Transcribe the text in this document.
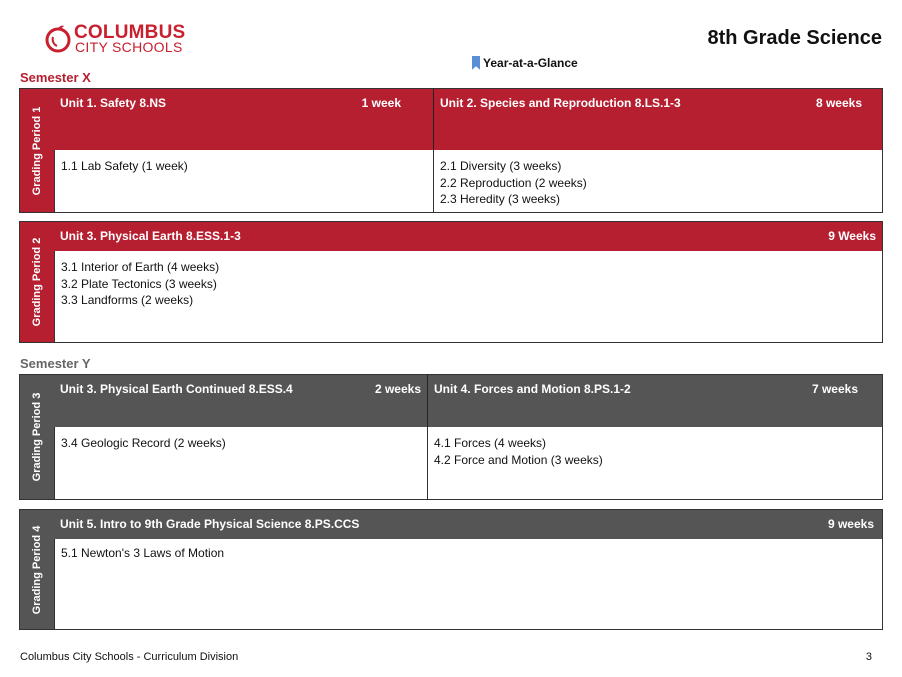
COLUMBUS
CITY SCHOOLS	8th Grade Science
Year-at-a-Glance
Semester X
Grading Period 1
Unit 1. Safety 8.NS	1 week	Unit 2. Species and Reproduction 8.LS.1-3	8 weeks
1.1 Lab Safety (1 week)	2.1 Diversity (3 weeks)
2.2 Reproduction (2 weeks)
2.3 Heredity (3 weeks)
Grading Period 2
Unit 3. Physical Earth 8.ESS.1-3	9 Weeks
3.1 Interior of Earth (4 weeks)
3.2 Plate Tectonics (3 weeks)
3.3 Landforms (2 weeks)
Semester Y
Grading Period 3
Unit 3. Physical Earth Continued 8.ESS.4	2 weeks	Unit 4. Forces and Motion 8.PS.1-2	7 weeks
3.4 Geologic Record (2 weeks)	4.1 Forces (4 weeks)
4.2 Force and Motion (3 weeks)
Grading Period 4
Unit 5. Intro to 9th Grade Physical Science 8.PS.CCS	9 weeks
5.1 Newton's 3 Laws of Motion
Columbus City Schools - Curriculum Division	3
